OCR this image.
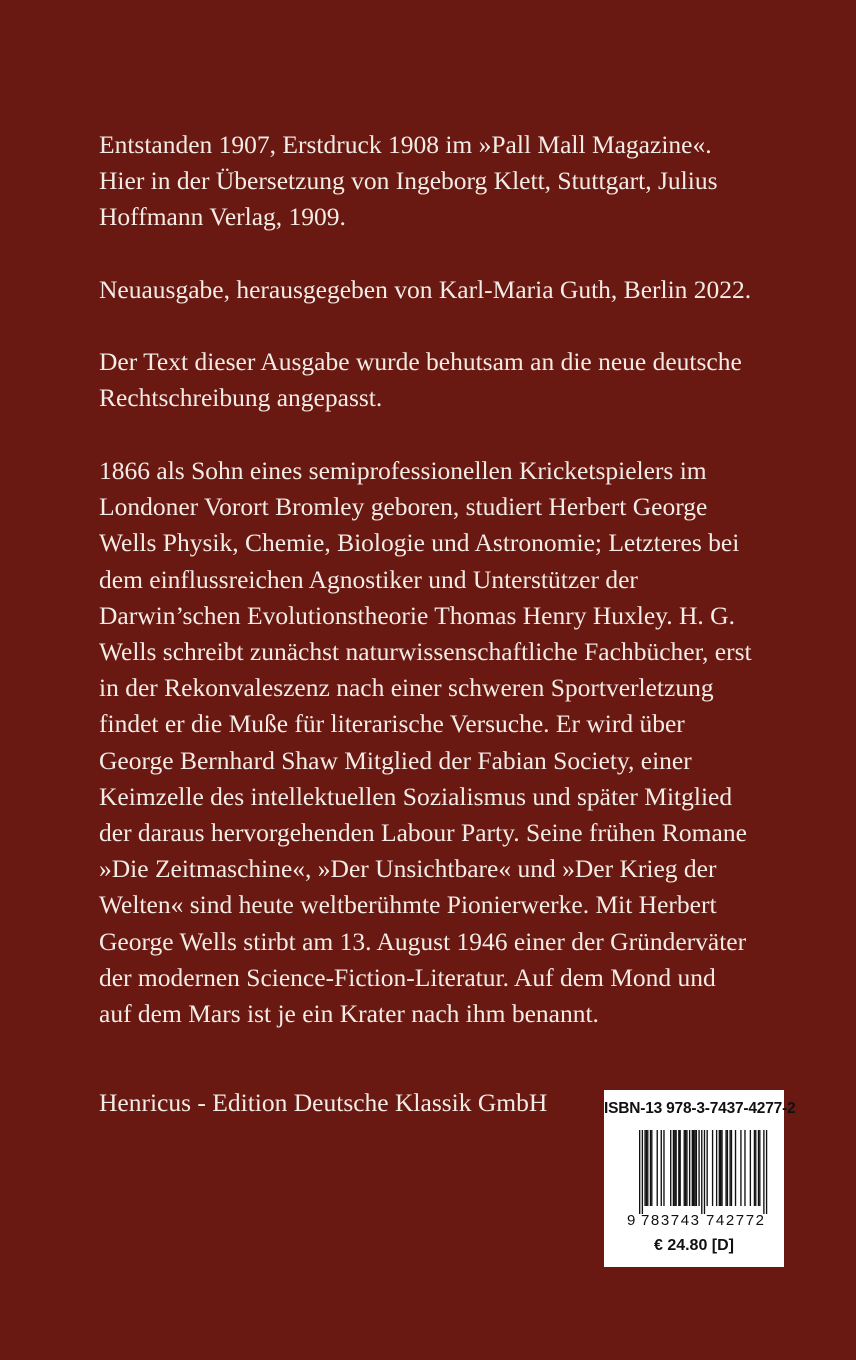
Entstanden 1907, Erstdruck 1908 im »Pall Mall Magazine«.
Hier in der Übersetzung von Ingeborg Klett, Stuttgart, Julius
Hoffmann Verlag, 1909.
Neuausgabe, herausgegeben von Karl-Maria Guth, Berlin 2022.
Der Text dieser Ausgabe wurde behutsam an die neue deutsche
Rechtschreibung angepasst.
1866 als Sohn eines semiprofessionellen Kricketspielers im
Londoner Vorort Bromley geboren, studiert Herbert George
Wells Physik, Chemie, Biologie und Astronomie; Letzteres bei
dem einflussreichen Agnostiker und Unterstützer der
Darwin’schen Evolutionstheorie Thomas Henry Huxley. H. G.
Wells schreibt zunächst naturwissenschaftliche Fachbücher, erst
in der Rekonvaleszenz nach einer schweren Sportverletzung
findet er die Muße für literarische Versuche. Er wird über
George Bernhard Shaw Mitglied der Fabian Society, einer
Keimzelle des intellektuellen Sozialismus und später Mitglied
der daraus hervorgehenden Labour Party. Seine frühen Romane
»Die Zeitmaschine«, »Der Unsichtbare« und »Der Krieg der
Welten« sind heute weltberühmte Pionierwerke. Mit Herbert
George Wells stirbt am 13. August 1946 einer der Gründerväter
der modernen Science-Fiction-Literatur. Auf dem Mond und
auf dem Mars ist je ein Krater nach ihm benannt.
Henricus - Edition Deutsche Klassik GmbH	ISBN-13 978-3-7437-4277-2
9 783743 742772
€ 24.80 [D]
